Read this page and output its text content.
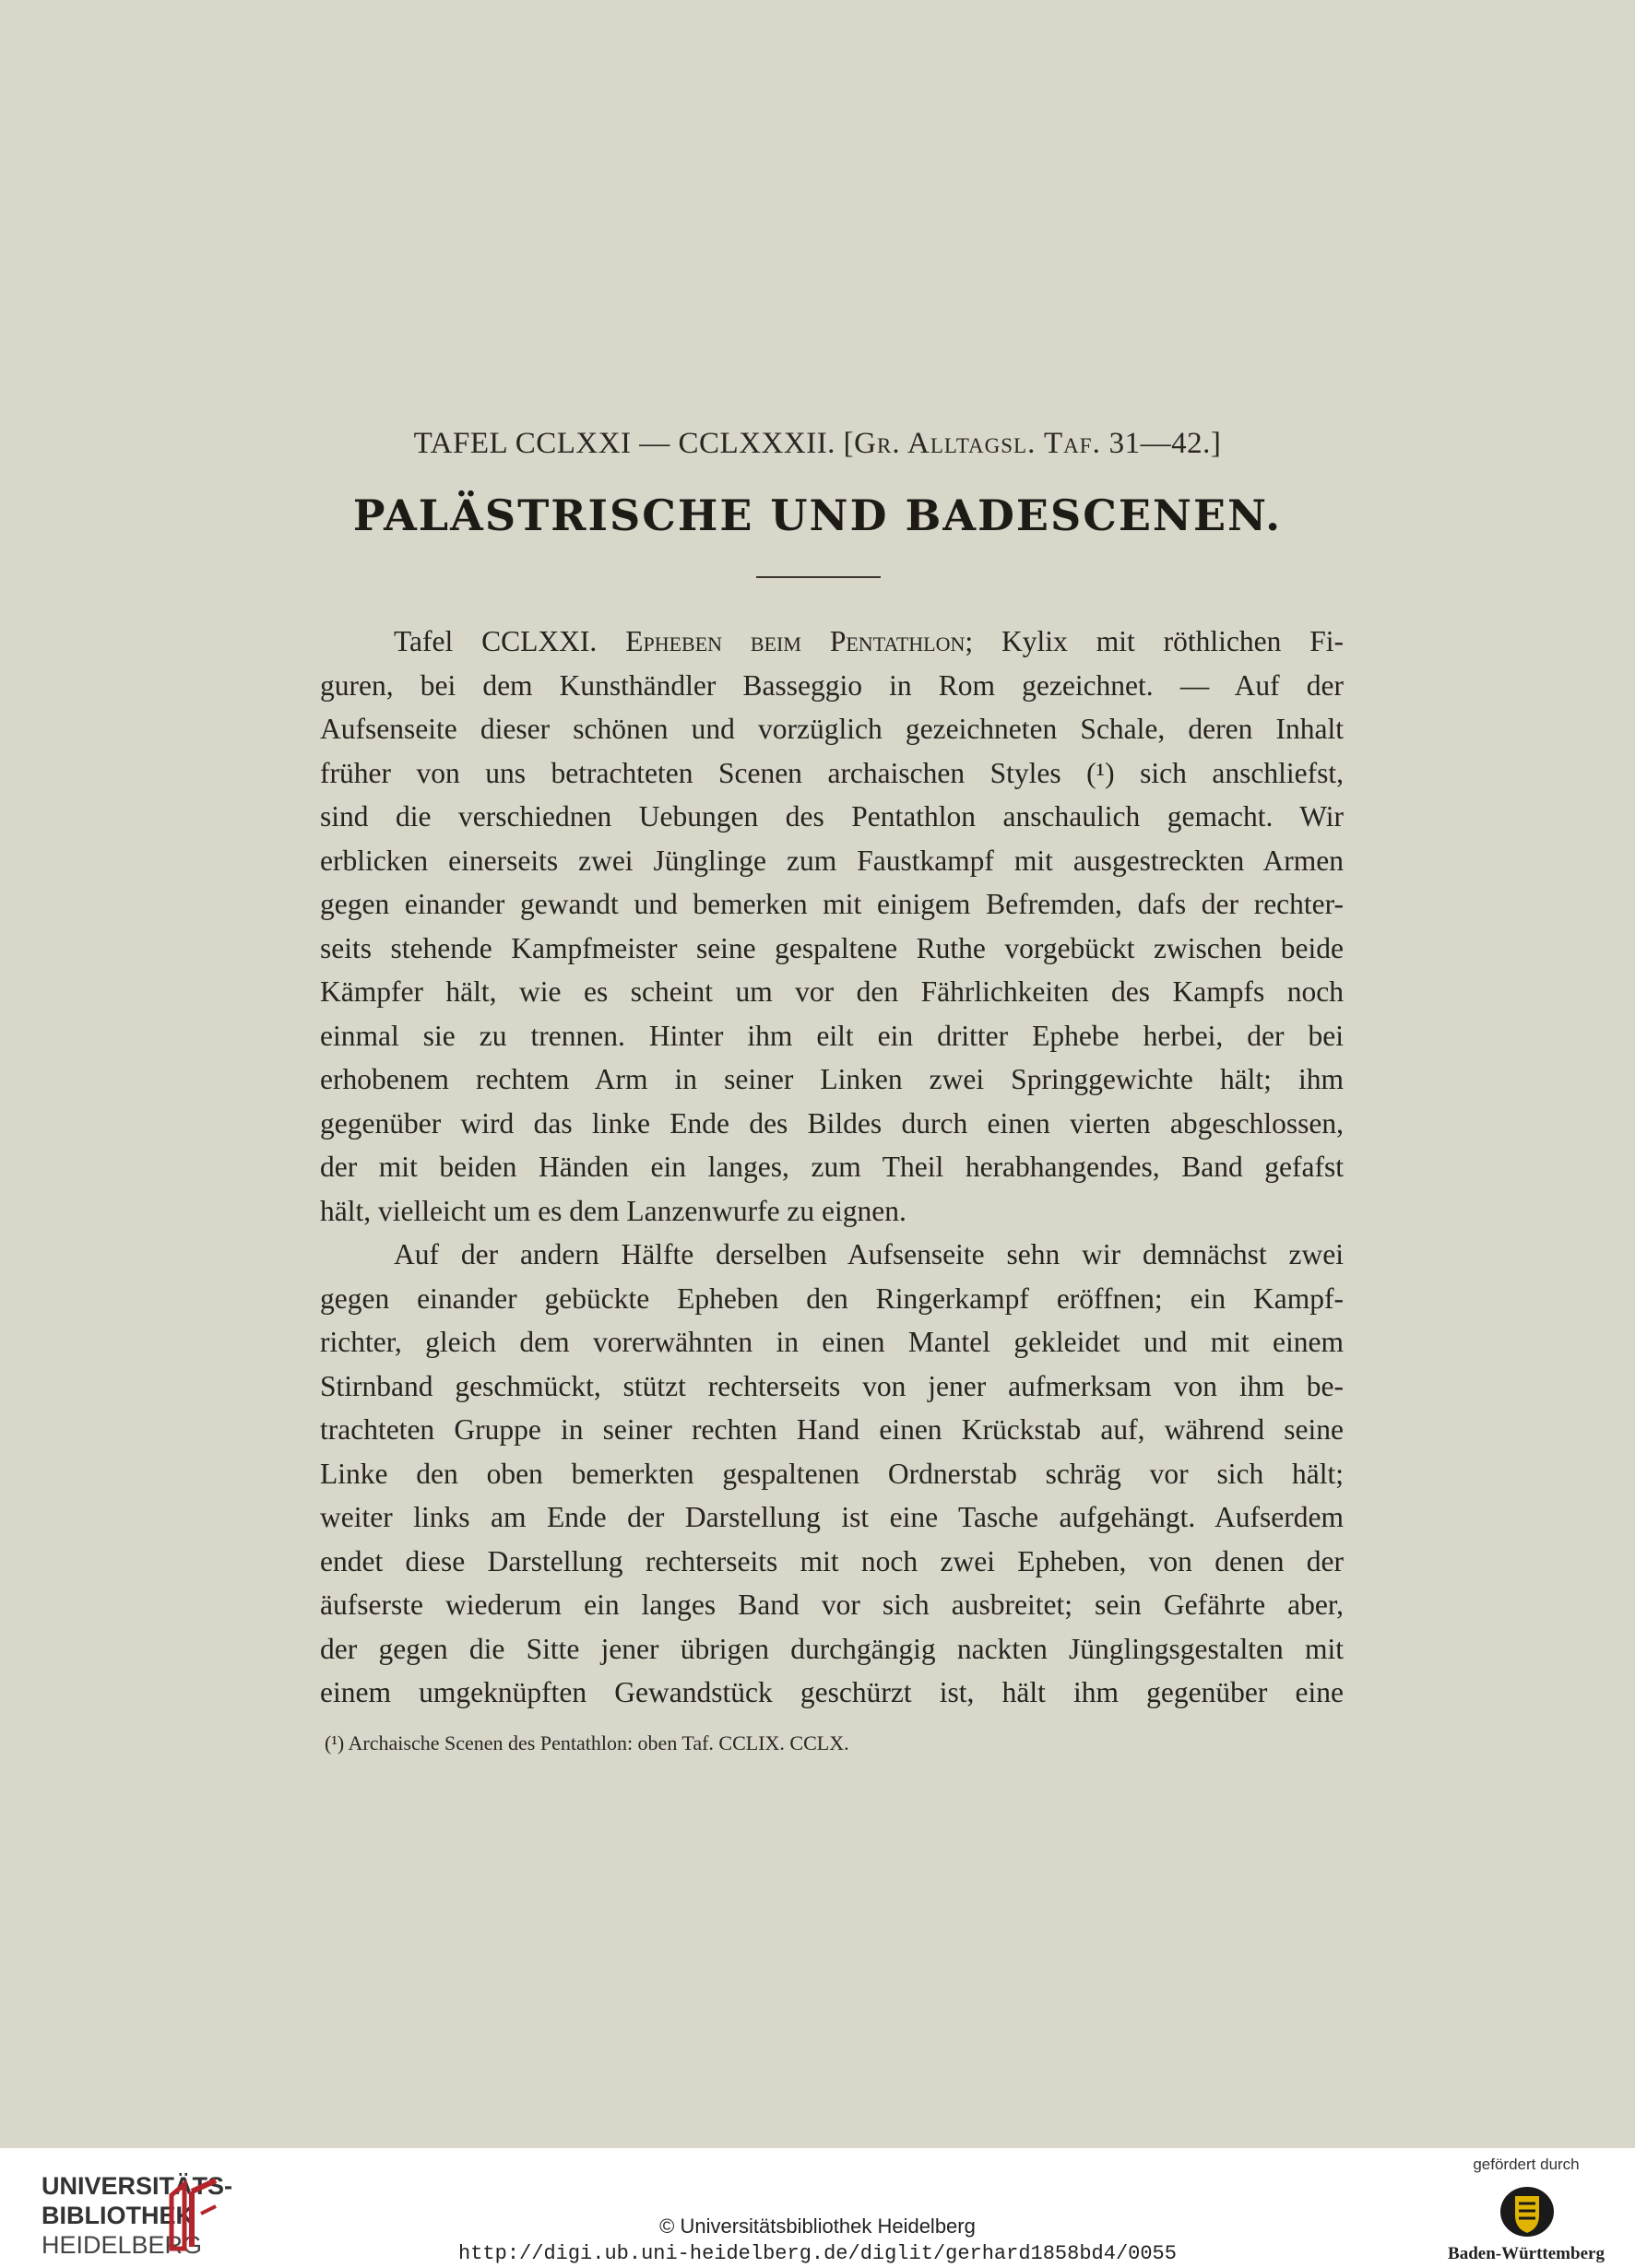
TAFEL CCLXXI — CCLXXXII. [Gr. Alltagsl. Taf. 31—42.]
PALÄSTRISCHE UND BADESCENEN.
Tafel CCLXXI. Epheben beim Pentathlon; Kylix mit röthlichen Fi-
guren, bei dem Kunsthändler Basseggio in Rom gezeichnet. — Auf der
Aufsenseite dieser schönen und vorzüglich gezeichneten Schale, deren Inhalt
früher von uns betrachteten Scenen archaischen Styles (¹) sich anschliefst,
sind die verschiednen Uebungen des Pentathlon anschaulich gemacht. Wir
erblicken einerseits zwei Jünglinge zum Faustkampf mit ausgestreckten Armen
gegen einander gewandt und bemerken mit einigem Befremden, dafs der rechter-
seits stehende Kampfmeister seine gespaltene Ruthe vorgebückt zwischen beide
Kämpfer hält, wie es scheint um vor den Fährlichkeiten des Kampfs noch
einmal sie zu trennen. Hinter ihm eilt ein dritter Ephebe herbei, der bei
erhobenem rechtem Arm in seiner Linken zwei Springgewichte hält; ihm
gegenüber wird das linke Ende des Bildes durch einen vierten abgeschlossen,
der mit beiden Händen ein langes, zum Theil herabhangendes, Band gefafst
hält, vielleicht um es dem Lanzenwurfe zu eignen.
Auf der andern Hälfte derselben Aufsenseite sehn wir demnächst zwei
gegen einander gebückte Epheben den Ringerkampf eröffnen; ein Kampf-
richter, gleich dem vorerwähnten in einen Mantel gekleidet und mit einem
Stirnband geschmückt, stützt rechterseits von jener aufmerksam von ihm be-
trachteten Gruppe in seiner rechten Hand einen Krückstab auf, während seine
Linke den oben bemerkten gespaltenen Ordnerstab schräg vor sich hält;
weiter links am Ende der Darstellung ist eine Tasche aufgehängt. Aufserdem
endet diese Darstellung rechterseits mit noch zwei Epheben, von denen der
äufserste wiederum ein langes Band vor sich ausbreitet; sein Gefährte aber,
der gegen die Sitte jener übrigen durchgängig nackten Jünglingsgestalten mit
einem umgeknüpften Gewandstück geschürzt ist, hält ihm gegenüber eine
(¹) Archaische Scenen des Pentathlon: oben Taf. CCLIX. CCLX.
UNIVERSITÄTS-
BIBLIOTHEK
HEIDELBERG
© Universitätsbibliothek Heidelberg
http://digi.ub.uni-heidelberg.de/diglit/gerhard1858bd4/0055
gefördert durch
Baden-Württemberg
